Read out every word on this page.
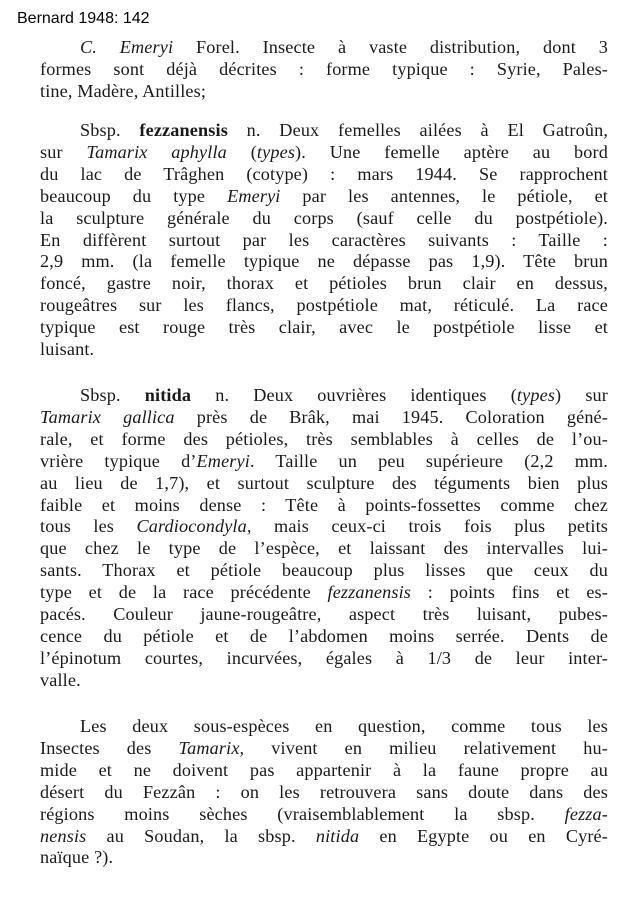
Bernard 1948: 142
C. Emeryi Forel. Insecte à vaste distribution, dont 3
formes sont déjà décrites : forme typique : Syrie, Pales-
tine, Madère, Antilles;
Sbsp. fezzanensis n. Deux femelles ailées à El Gatroûn,
sur Tamarix aphylla (types). Une femelle aptère au bord
du lac de Trâghen (cotype) : mars 1944. Se rapprochent
beaucoup du type Emeryi par les antennes, le pétiole, et
la sculpture générale du corps (sauf celle du postpétiole).
En diffèrent surtout par les caractères suivants : Taille :
2,9 mm. (la femelle typique ne dépasse pas 1,9). Tête brun
foncé, gastre noir, thorax et pétioles brun clair en dessus,
rougeâtres sur les flancs, postpétiole mat, réticulé. La race
typique est rouge très clair, avec le postpétiole lisse et
luisant.
Sbsp. nitida n. Deux ouvrières identiques (types) sur
Tamarix gallica près de Brâk, mai 1945. Coloration géné-
rale, et forme des pétioles, très semblables à celles de l’ou-
vrière typique d’Emeryi. Taille un peu supérieure (2,2 mm.
au lieu de 1,7), et surtout sculpture des téguments bien plus
faible et moins dense : Tête à points-fossettes comme chez
tous les Cardiocondyla, mais ceux-ci trois fois plus petits
que chez le type de l’espèce, et laissant des intervalles lui-
sants. Thorax et pétiole beaucoup plus lisses que ceux du
type et de la race précédente fezzanensis : points fins et es-
pacés. Couleur jaune-rougeâtre, aspect très luisant, pubes-
cence du pétiole et de l’abdomen moins serrée. Dents de
l’épinotum courtes, incurvées, égales à 1/3 de leur inter-
valle.
Les deux sous-espèces en question, comme tous les
Insectes des Tamarix, vivent en milieu relativement hu-
mide et ne doivent pas appartenir à la faune propre au
désert du Fezzân : on les retrouvera sans doute dans des
régions moins sèches (vraisemblablement la sbsp. fezza-
nensis au Soudan, la sbsp. nitida en Egypte ou en Cyré-
naïque ?).
